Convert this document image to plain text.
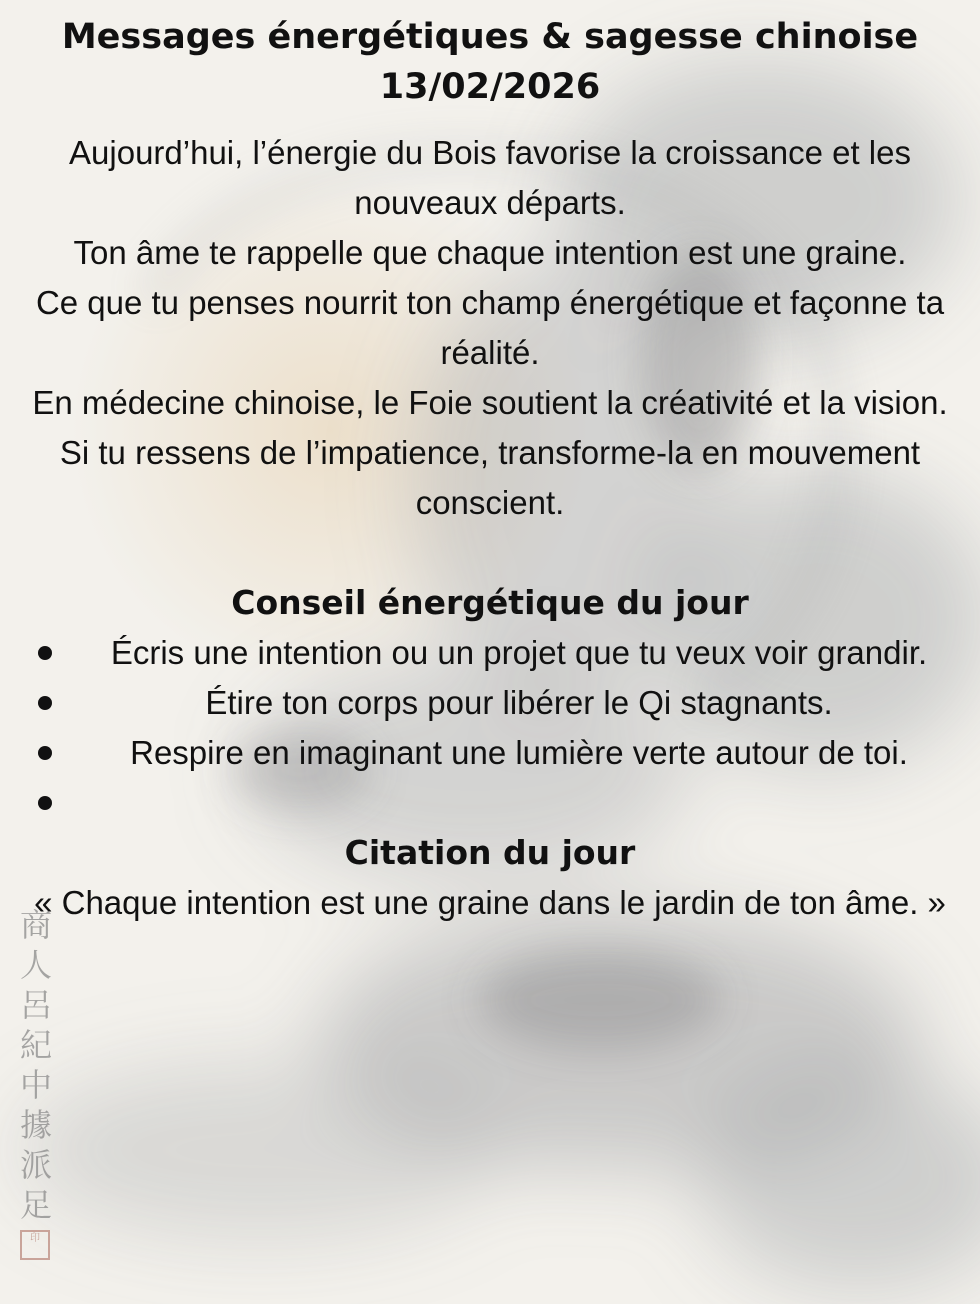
Messages énergétiques & sagesse chinoise
13/02/2026

Aujourd’hui, l’énergie du Bois favorise la croissance et les nouveaux départs.

Ton âme te rappelle que chaque intention est une graine.

Ce que tu penses nourrit ton champ énergétique et façonne ta réalité.

En médecine chinoise, le Foie soutient la créativité et la vision.

Si tu ressens de l’impatience, transforme-la en mouvement conscient.

Conseil énergétique du jour
Écris une intention ou un projet que tu veux voir grandir.
Étire ton corps pour libérer le Qi stagnants.
Respire en imaginant une lumière verte autour de toi.
Citation du jour
« Chaque intention est une graine dans le jardin de ton âme. »
商
人
呂
紀
中
據
派
足
印
